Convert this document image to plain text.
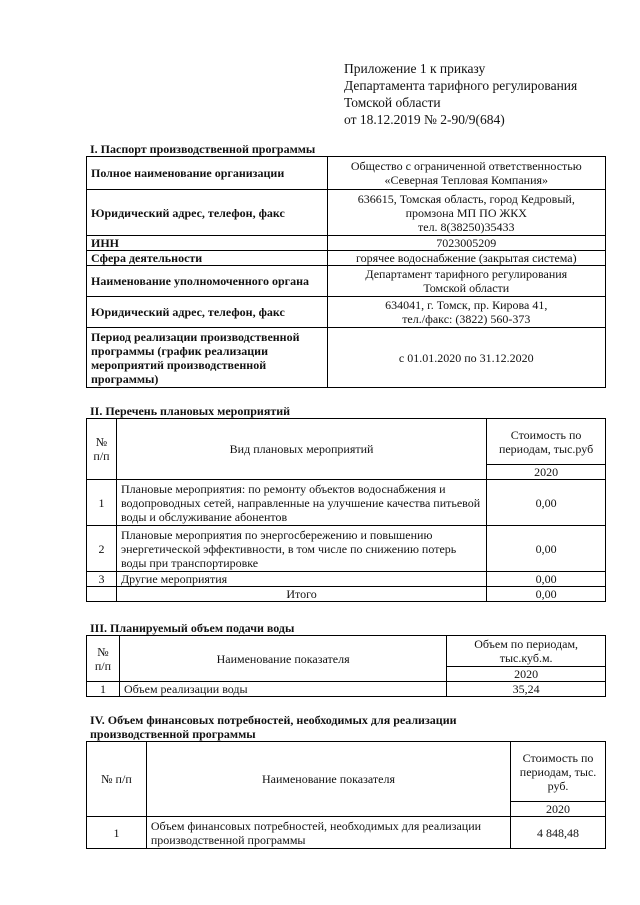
Приложение 1 к приказу
Департамента тарифного регулирования
Томской области
от 18.12.2019 № 2-90/9(684)
I. Паспорт производственной программы
Полное наименование организации	Общество с ограниченной ответственностью
«Северная Тепловая Компания»
Юридический адрес, телефон, факс	636615, Томская область, город Кедровый,
промзона МП ПО ЖКХ
тел. 8(38250)35433
ИНН	7023005209
Сфера деятельности	горячее водоснабжение (закрытая система)
Наименование уполномоченного органа	Департамент тарифного регулирования
Томской области
Юридический адрес, телефон, факс	634041, г. Томск, пр. Кирова 41,
тел./факс: (3822) 560-373
Период реализации производственной программы (график реализации мероприятий производственной программы)	с 01.01.2020 по 31.12.2020
II. Перечень плановых мероприятий
№ п/п	Вид плановых мероприятий	Стоимость по периодам, тыс.руб
		2020
1	Плановые мероприятия: по ремонту объектов водоснабжения и водопроводных сетей, направленные на улучшение качества питьевой воды и обслуживание абонентов	0,00
2	Плановые мероприятия по энергосбережению и повышению энергетической эффективности, в том числе по снижению потерь воды при транспортировке	0,00
3	Другие мероприятия	0,00
	Итого	0,00
III. Планируемый объем подачи воды
№ п/п	Наименование показателя	Объем по периодам, тыс.куб.м.
		2020
1	Объем реализации воды	35,24
IV. Объем финансовых потребностей, необходимых для реализации
производственной программы
№ п/п	Наименование показателя	Стоимость по периодам, тыс. руб.
		2020
1	Объем финансовых потребностей, необходимых для реализации производственной программы	4 848,48
